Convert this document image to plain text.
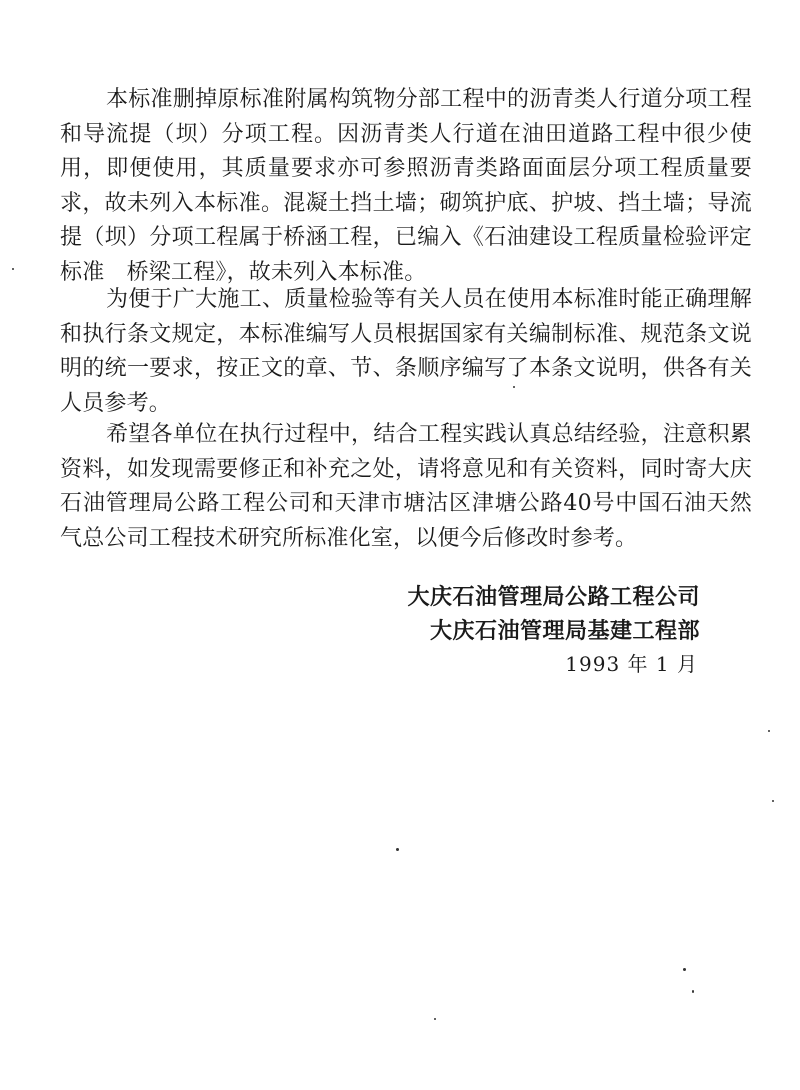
本标准删掉原标准附属构筑物分部工程中的沥青类人行道分项工程和导流提（坝）分项工程。因沥青类人行道在油田道路工程中很少使用，即便使用，其质量要求亦可参照沥青类路面面层分项工程质量要求，故未列入本标准。混凝土挡土墙；砌筑护底、护坡、挡土墙；导流提（坝）分项工程属于桥涵工程，已编入《石油建设工程质量检验评定标准　桥梁工程》，故未列入本标准。

为便于广大施工、质量检验等有关人员在使用本标准时能正确理解和执行条文规定，本标准编写人员根据国家有关编制标准、规范条文说明的统一要求，按正文的章、节、条顺序编写了本条文说明，供各有关人员参考。

希望各单位在执行过程中，结合工程实践认真总结经验，注意积累资料，如发现需要修正和补充之处，请将意见和有关资料，同时寄大庆石油管理局公路工程公司和天津市塘沽区津塘公路40号中国石油天然气总公司工程技术研究所标准化室，以便今后修改时参考。

大庆石油管理局公路工程公司
大庆石油管理局基建工程部
1993 年 1 月
